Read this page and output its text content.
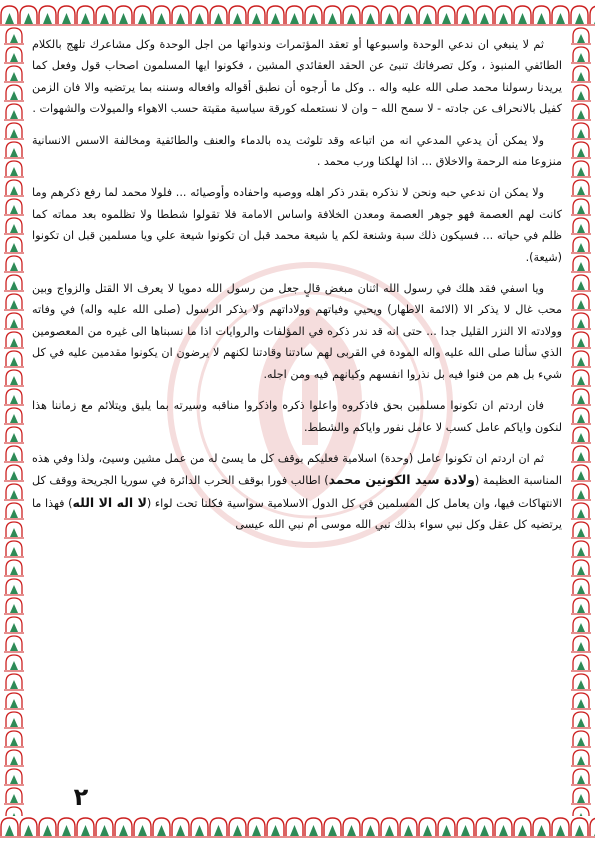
ثم لا ينبغي ان ندعي الوحدة واسبوعها أو تعقد المؤتمرات وندواتها من اجل الوحدة وكل مشاعرك تلهج بالكلام الطائفي المنبوذ ، وكل تصرفاتك تنبئ عن الحقد العقائدي المشين ، فكونوا ايها المسلمون اصحاب قول وفعل كما يريدنا رسولنا محمد صلى الله عليه واله .. وكل ما أرجوه أن نطبق أقواله وافعاله وسننه بما يرتضيه والا فان الزمن كفيل بالانحراف عن جادته - لا سمح الله – وان لا نستعمله كورقة سياسية مقيتة حسب الاهواء والميولات والشهوات .

ولا يمكن أن يدعي المدعي انه من اتباعه وقد تلوثت يده بالدماء والعنف والطائفية ومخالفة الاسس الانسانية منزوعا منه الرحمة والاخلاق ... اذا لهلكنا ورب محمد .

ولا يمكن ان ندعي حبه ونحن لا نذكره بقدر ذكر اهله ووصيه واحفاده وأوصيائه ... فلولا محمد لما رفع ذكرهم وما كانت لهم العصمة فهو جوهر العصمة ومعدن الخلافة واساس الامامة فلا تقولوا شططا ولا تظلموه بعد مماته كما ظلم في حياته ... فسيكون ذلك سبة وشنعة لكم يا شيعة محمد قبل ان تكونوا شيعة علي ويا مسلمين قبل ان تكونوا (شيعة).

ويا اسفي فقد هلك في رسول الله اثنان مبغض قالٍ جعل من رسول الله دمويا لا يعرف الا القتل والزواج وبين محب غال لا يذكر الا (الائمة الاطهار) ويحيي وفياتهم وولاداتهم ولا يذكر الرسول (صلى الله عليه واله) في وفاته وولادته الا النزر القليل جدا ... حتى انه قد ندر ذكره في المؤلفات والروايات اذا ما نسبناها الى غيره من المعصومين الذي سألنا صلى الله عليه واله المودة في القربى لهم سادتنا وقادتنا لكنهم لا يرضون ان يكونوا مقدمين عليه في كل شيء بل هم من فنوا فيه بل نذروا انفسهم وكيانهم فيه ومن اجله.

فان اردتم ان تكونوا مسلمين بحق فاذكروه واعلوا ذكره واذكروا مناقبه وسيرته بما يليق ويتلائم مع زماننا هذا لنكون واياكم عامل كسب لا عامل نفور واياكم والشطط.

ثم ان اردتم ان تكونوا عامل (وحدة) اسلامية فعليكم بوقف كل ما يسئ له من عمل مشين وسيئ، ولذا وفي هذه المناسبة العظيمة (ولادة سيد الكونين محمد) اطالب فورا بوقف الحرب الدائرة في سوريا الجريحة ووقف كل الانتهاكات فيها، وان يعامل كل المسلمين في كل الدول الاسلامية سواسية فكلنا تحت لواء (لا اله الا الله) فهذا ما يرتضيه كل عقل وكل نبي سواء بذلك نبي الله موسى أم نبي الله عيسى

٢
